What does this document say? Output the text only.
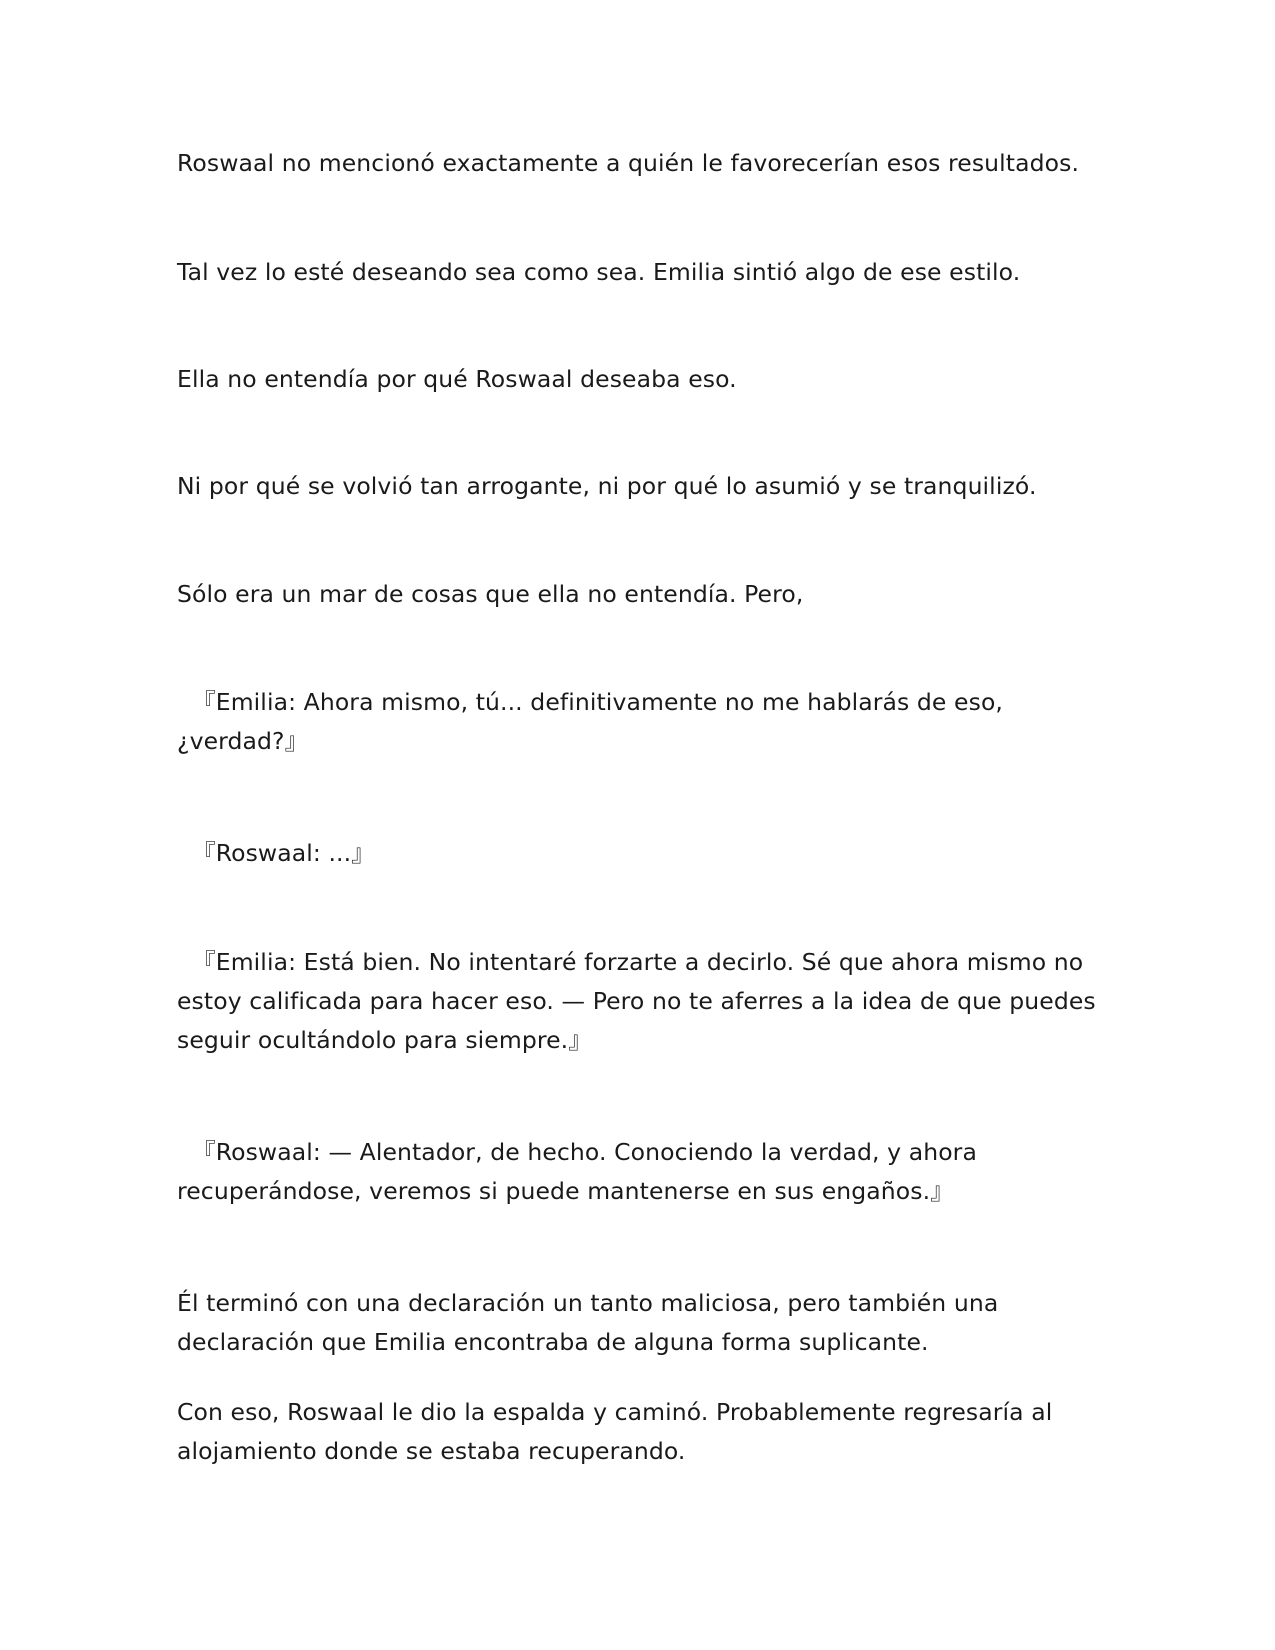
Roswaal no mencionó exactamente a quién le favorecerían esos resultados.

Tal vez lo esté deseando sea como sea. Emilia sintió algo de ese estilo.

Ella no entendía por qué Roswaal deseaba eso.

Ni por qué se volvió tan arrogante, ni por qué lo asumió y se tranquilizó.

Sólo era un mar de cosas que ella no entendía. Pero,

『Emilia: Ahora mismo, tú... definitivamente no me hablarás de eso,
¿verdad?』

『Roswaal: ...』

『Emilia: Está bien. No intentaré forzarte a decirlo. Sé que ahora mismo no
estoy calificada para hacer eso. — Pero no te aferres a la idea de que puedes
seguir ocultándolo para siempre.』

『Roswaal: — Alentador, de hecho. Conociendo la verdad, y ahora
recuperándose, veremos si puede mantenerse en sus engaños.』

Él terminó con una declaración un tanto maliciosa, pero también una
declaración que Emilia encontraba de alguna forma suplicante.

Con eso, Roswaal le dio la espalda y caminó. Probablemente regresaría al
alojamiento donde se estaba recuperando.
